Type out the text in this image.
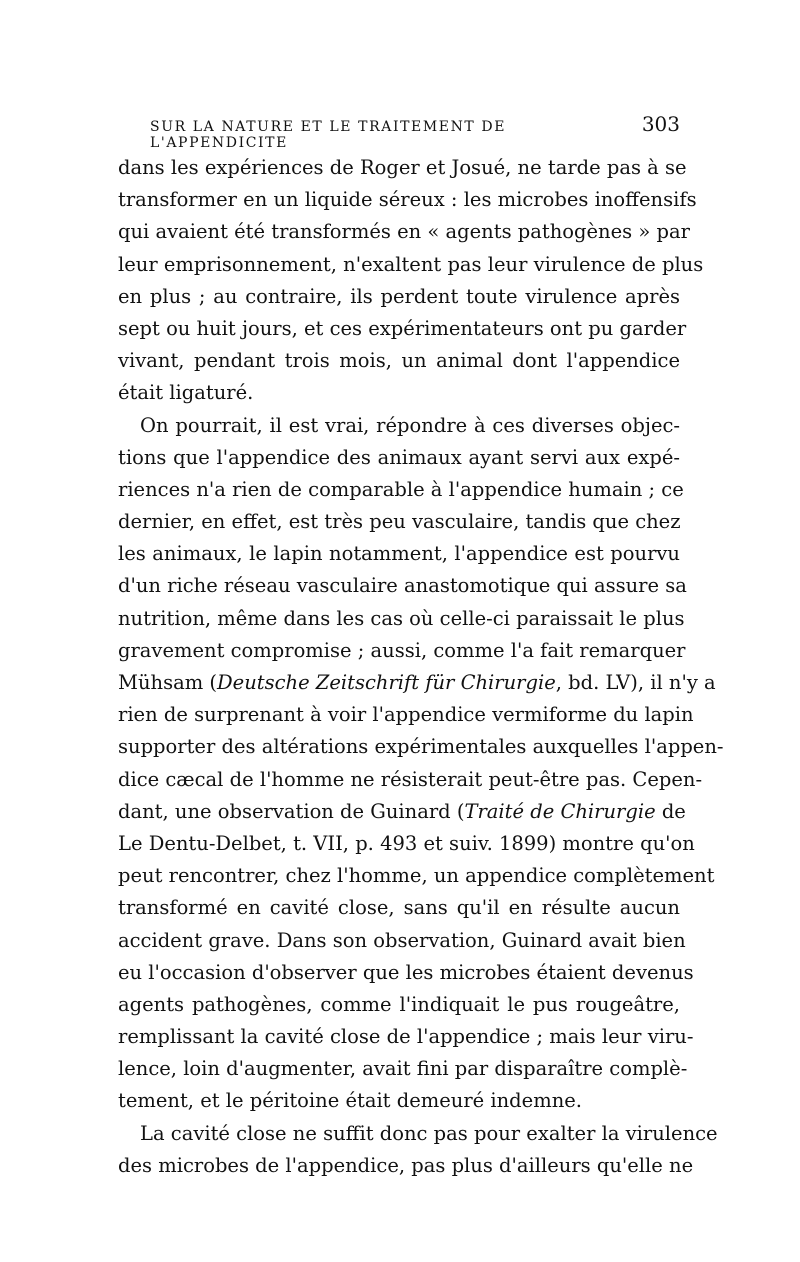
SUR LA NATURE ET LE TRAITEMENT DE L'APPENDICITE
303
dans les expériences de Roger et Josué, ne tarde pas à se
transformer en un liquide séreux : les microbes inoffensifs
qui avaient été transformés en « agents pathogènes » par
leur emprisonnement, n'exaltent pas leur virulence de plus
en plus ; au contraire, ils perdent toute virulence après
sept ou huit jours, et ces expérimentateurs ont pu garder
vivant, pendant trois mois, un animal dont l'appendice
était ligaturé.
On pourrait, il est vrai, répondre à ces diverses objec-
tions que l'appendice des animaux ayant servi aux expé-
riences n'a rien de comparable à l'appendice humain ; ce
dernier, en effet, est très peu vasculaire, tandis que chez
les animaux, le lapin notamment, l'appendice est pourvu
d'un riche réseau vasculaire anastomotique qui assure sa
nutrition, même dans les cas où celle-ci paraissait le plus
gravement compromise ; aussi, comme l'a fait remarquer
Mühsam (Deutsche Zeitschrift für Chirurgie, bd. LV), il n'y a
rien de surprenant à voir l'appendice vermiforme du lapin
supporter des altérations expérimentales auxquelles l'appen-
dice cæcal de l'homme ne résisterait peut-être pas. Cepen-
dant, une observation de Guinard (Traité de Chirurgie de
Le Dentu-Delbet, t. VII, p. 493 et suiv. 1899) montre qu'on
peut rencontrer, chez l'homme, un appendice complètement
transformé en cavité close, sans qu'il en résulte aucun
accident grave. Dans son observation, Guinard avait bien
eu l'occasion d'observer que les microbes étaient devenus
agents pathogènes, comme l'indiquait le pus rougeâtre,
remplissant la cavité close de l'appendice ; mais leur viru-
lence, loin d'augmenter, avait fini par disparaître complè-
tement, et le péritoine était demeuré indemne.
La cavité close ne suffit donc pas pour exalter la virulence
des microbes de l'appendice, pas plus d'ailleurs qu'elle ne
